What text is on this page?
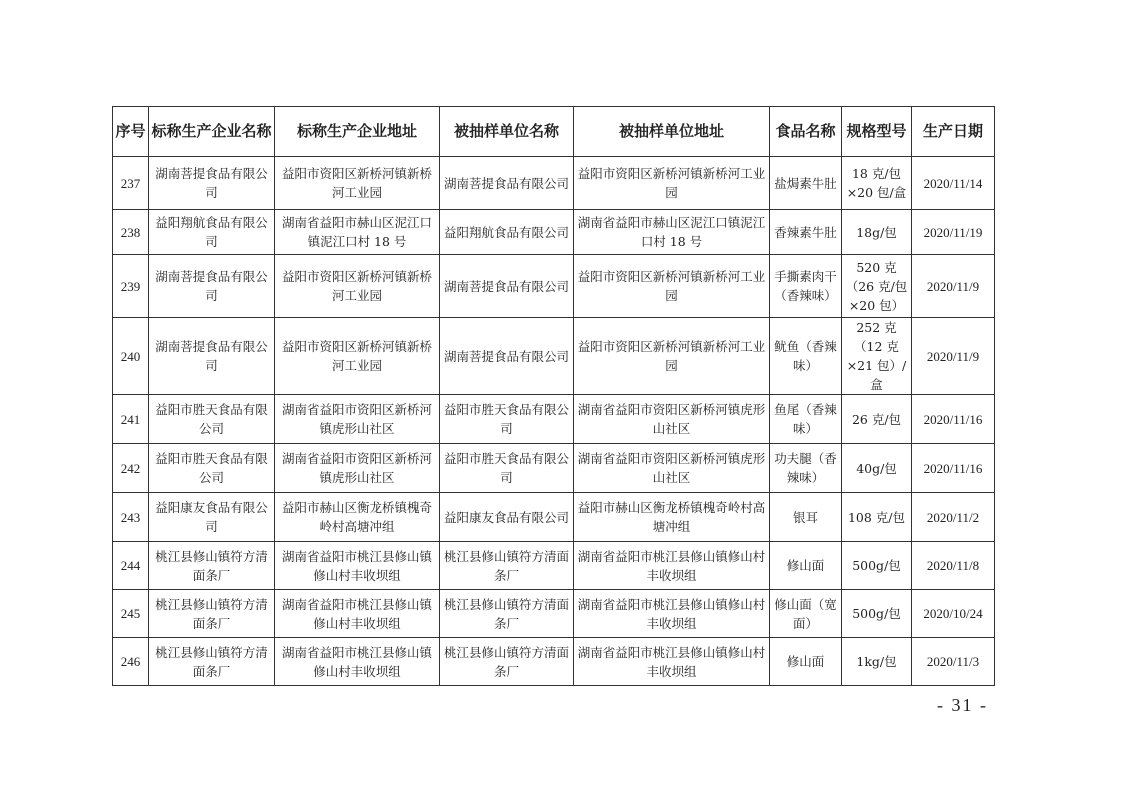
序号	标称生产企业名称	标称生产企业地址	被抽样单位名称	被抽样单位地址	食品名称	规格型号	生产日期
237	湖南菩提食品有限公司	益阳市资阳区新桥河镇新桥河工业园	湖南菩提食品有限公司	益阳市资阳区新桥河镇新桥河工业园	盐焗素牛肚	18 克/包×20 包/盒	2020/11/14
238	益阳翔航食品有限公司	湖南省益阳市赫山区泥江口镇泥江口村 18 号	益阳翔航食品有限公司	湖南省益阳市赫山区泥江口镇泥江口村 18 号	香辣素牛肚	18g/包	2020/11/19
239	湖南菩提食品有限公司	益阳市资阳区新桥河镇新桥河工业园	湖南菩提食品有限公司	益阳市资阳区新桥河镇新桥河工业园	手撕素肉干（香辣味）	520 克（26 克/包×20 包）	2020/11/9
240	湖南菩提食品有限公司	益阳市资阳区新桥河镇新桥河工业园	湖南菩提食品有限公司	益阳市资阳区新桥河镇新桥河工业园	鱿鱼（香辣味）	252 克（12 克×21 包）/盒	2020/11/9
241	益阳市胜天食品有限公司	湖南省益阳市资阳区新桥河镇虎形山社区	益阳市胜天食品有限公司	湖南省益阳市资阳区新桥河镇虎形山社区	鱼尾（香辣味）	26 克/包	2020/11/16
242	益阳市胜天食品有限公司	湖南省益阳市资阳区新桥河镇虎形山社区	益阳市胜天食品有限公司	湖南省益阳市资阳区新桥河镇虎形山社区	功夫腿（香辣味）	40g/包	2020/11/16
243	益阳康友食品有限公司	益阳市赫山区衡龙桥镇槐奇岭村高塘冲组	益阳康友食品有限公司	益阳市赫山区衡龙桥镇槐奇岭村高塘冲组	银耳	108 克/包	2020/11/2
244	桃江县修山镇符方清面条厂	湖南省益阳市桃江县修山镇修山村丰收坝组	桃江县修山镇符方清面条厂	湖南省益阳市桃江县修山镇修山村丰收坝组	修山面	500g/包	2020/11/8
245	桃江县修山镇符方清面条厂	湖南省益阳市桃江县修山镇修山村丰收坝组	桃江县修山镇符方清面条厂	湖南省益阳市桃江县修山镇修山村丰收坝组	修山面（宽面）	500g/包	2020/10/24
246	桃江县修山镇符方清面条厂	湖南省益阳市桃江县修山镇修山村丰收坝组	桃江县修山镇符方清面条厂	湖南省益阳市桃江县修山镇修山村丰收坝组	修山面	1kg/包	2020/11/3
- 31 -
